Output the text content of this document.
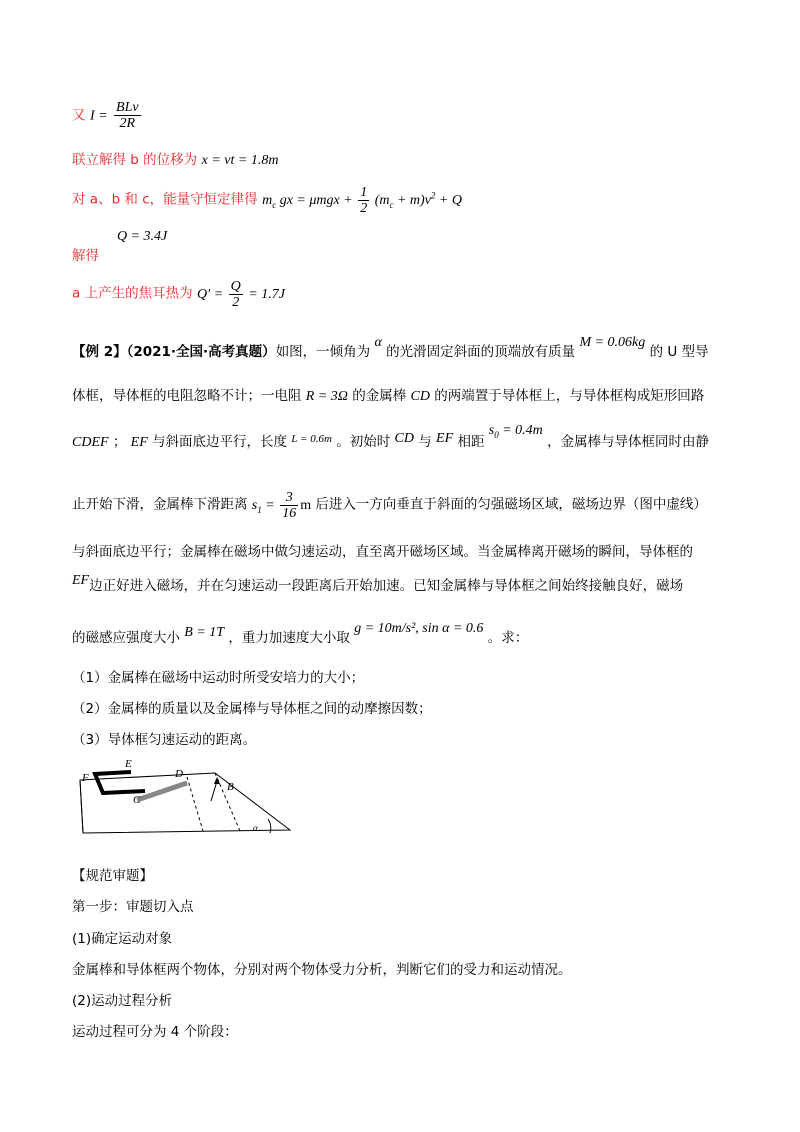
又 $I = \frac{\text{BLv}}{2R}$
联立解得 b 的位移为 x = vt = 1.8m
对 a、b 和 c，能量守恒定律得 $m_c$ gx = $\mu mgx + \frac{1}{2} (m_c + m)v^2 + Q$
Q = 3.4J
解得
a 上产生的焦耳热为 $Q' = \frac{Q}{2} = 1.7J$
【例 2】（2021·全国·高考真题）如图，一倾角为 α 的光滑固定斜面的顶端放有质量 M = 0.06kg 的 U 型导
体框，导体框的电阻忽略不计；一电阻 R = 3Ω 的金属棒 CD 的两端置于导体框上，与导体框构成矩形回路
CDEF ； EF 与斜面底边平行，长度 $^{L = 0.6m}$ 。初始时 CD 与 EF 相距 $s_0 = 0.4m$ ，金属棒与导体框同时由静
止开始下滑，金属棒下滑距离 $s_1 = \frac{3}{16}$ m 后进入一方向垂直于斜面的匀强磁场区域，磁场边界（图中虚线）
与斜面底边平行；金属棒在磁场中做匀速运动，直至离开磁场区域。当金属棒离开磁场的瞬间，导体框的
EF边正好进入磁场，并在匀速运动一段距离后开始加速。已知金属棒与导体框之间始终接触良好，磁场
的磁感应强度大小 B = 1T ，重力加速度大小取 g = 10m/s², sin α = 0.6 。求：
（1）金属棒在磁场中运动时所受安培力的大小；
（2）金属棒的质量以及金属棒与导体框之间的动摩擦因数；
（3）导体框匀速运动的距离。
F
E
D
C
B
α
【规范审题】
第一步：审题切入点
(1)确定运动对象
金属棒和导体框两个物体，分别对两个物体受力分析，判断它们的受力和运动情况。
(2)运动过程分析
运动过程可分为 4 个阶段：
